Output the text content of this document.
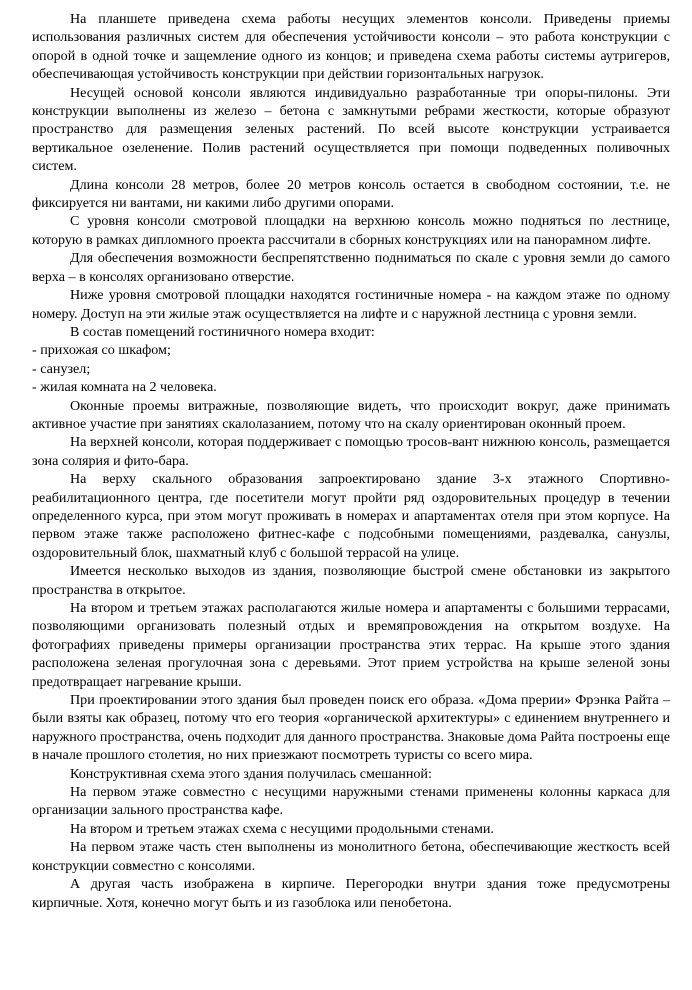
На планшете приведена схема работы несущих элементов консоли. Приведены приемы использования различных систем для обеспечения устойчивости консоли – это работа конструкции с опорой в одной точке и защемление одного из концов; и приведена схема работы системы аутригеров, обеспечивающая устойчивость конструкции при действии горизонтальных нагрузок.

Несущей основой консоли являются индивидуально разработанные три опоры-пилоны. Эти конструкции выполнены из железо – бетона с замкнутыми ребрами жесткости, которые образуют пространство для размещения зеленых растений. По всей высоте конструкции устраивается вертикальное озеленение. Полив растений осуществляется при помощи подведенных поливочных систем.

Длина консоли 28 метров, более 20 метров консоль остается в свободном состоянии, т.е. не фиксируется ни вантами, ни какими либо другими опорами.

С уровня консоли смотровой площадки на верхнюю консоль можно подняться по лестнице, которую в рамках дипломного проекта рассчитали в сборных конструкциях или на панорамном лифте.

Для обеспечения возможности беспрепятственно подниматься по скале с уровня земли до самого верха – в консолях организовано отверстие.

Ниже уровня смотровой площадки находятся гостиничные номера - на каждом этаже по одному номеру. Доступ на эти жилые этаж осуществляется на лифте и с наружной лестница с уровня земли.

В состав помещений гостиничного номера входит:

- прихожая со шкафом;

- санузел;

- жилая комната на 2 человека.

Оконные проемы витражные, позволяющие видеть, что происходит вокруг, даже принимать активное участие при занятиях скалолазанием, потому что на скалу ориентирован оконный проем.

На верхней консоли, которая поддерживает с помощью тросов-вант нижнюю консоль, размещается зона солярия и фито-бара.

На верху скального образования запроектировано здание 3-х этажного Спортивно-реабилитационного центра, где посетители могут пройти ряд оздоровительных процедур в течении определенного курса, при этом могут проживать в номерах и апартаментах отеля при этом корпусе. На первом этаже также расположено фитнес-кафе с подсобными помещениями, раздевалка, санузлы, оздоровительный блок, шахматный клуб с большой террасой на улице.

Имеется несколько выходов из здания, позволяющие быстрой смене обстановки из закрытого пространства в открытое.

На втором и третьем этажах располагаются жилые номера и апартаменты с большими террасами, позволяющими организовать полезный отдых и времяпровождения на открытом воздухе. На фотографиях приведены примеры организации пространства этих террас. На крыше этого здания расположена зеленая прогулочная зона с деревьями. Этот прием устройства на крыше зеленой зоны предотвращает нагревание крыши.

При проектировании этого здания был проведен поиск его образа. «Дома прерии» Фрэнка Райта – были взяты как образец, потому что его теория «органической архитектуры» с единением внутреннего и наружного пространства, очень подходит для данного пространства. Знаковые дома Райта построены еще в начале прошлого столетия, но них приезжают посмотреть туристы со всего мира.

Конструктивная схема этого здания получилась смешанной:

На первом этаже совместно с несущими наружными стенами применены колонны каркаса для организации зального пространства кафе.

На втором и третьем этажах схема с несущими продольными стенами.

На первом этаже часть стен выполнены из монолитного бетона, обеспечивающие жесткость всей конструкции совместно с консолями.

А другая часть изображена в кирпиче. Перегородки внутри здания тоже предусмотрены кирпичные. Хотя, конечно могут быть и из газоблока или пенобетона.
